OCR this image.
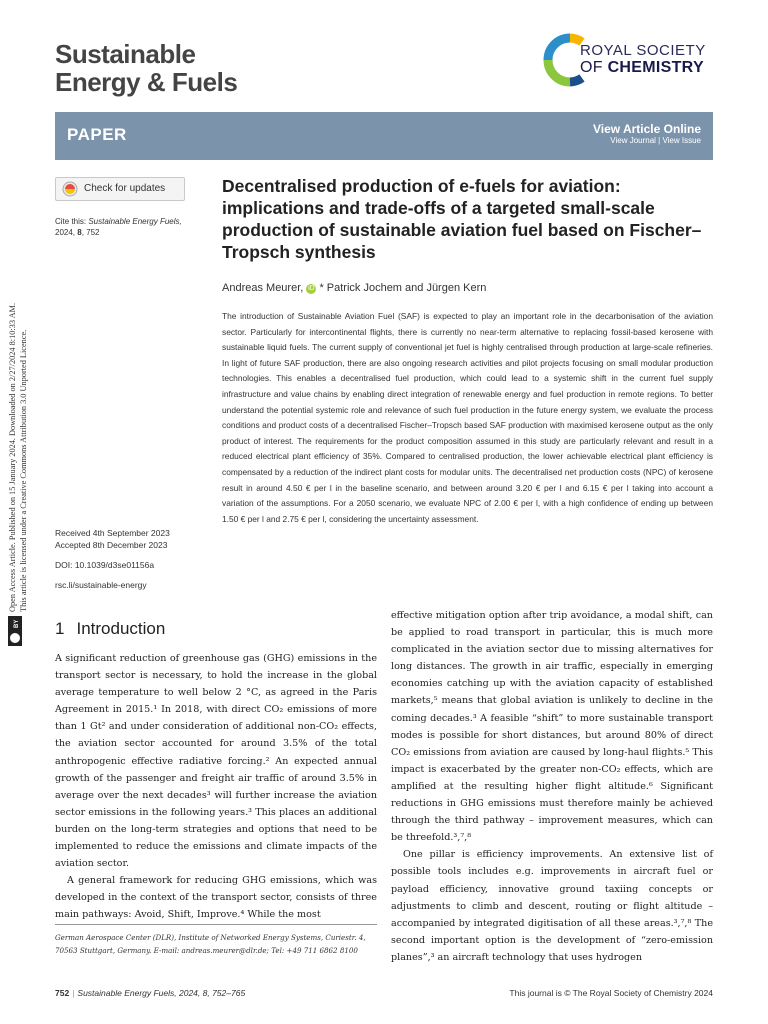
Sustainable
Energy & Fuels
ROYAL SOCIETY
OF CHEMISTRY
PAPER	View Article Online
View Journal | View Issue
Check for updates
Cite this: Sustainable Energy Fuels,
2024, 8, 752
Received 4th September 2023
Accepted 8th December 2023
DOI: 10.1039/d3se01156a
rsc.li/sustainable-energy
Open Access Article. Published on 15 January 2024. Downloaded on 2/27/2024 8:10:33 AM. This article is licensed under a Creative Commons Attribution 3.0 Unported Licence.
BY
Decentralised production of e-fuels for aviation: implications and trade-offs of a targeted small-scale production of sustainable aviation fuel based on Fischer–Tropsch synthesis
Andreas Meurer, iD * Patrick Jochem and Jürgen Kern
The introduction of Sustainable Aviation Fuel (SAF) is expected to play an important role in the decarbonisation of the aviation sector. Particularly for intercontinental flights, there is currently no near-term alternative to replacing fossil-based kerosene with sustainable liquid fuels. The current supply of conventional jet fuel is highly centralised through production at large-scale refineries. In light of future SAF production, there are also ongoing research activities and pilot projects focusing on small modular production technologies. This enables a decentralised fuel production, which could lead to a systemic shift in the current fuel supply infrastructure and value chains by enabling direct integration of renewable energy and fuel production in remote regions. To better understand the potential systemic role and relevance of such fuel production in the future energy system, we evaluate the process conditions and product costs of a decentralised Fischer–Tropsch based SAF production with maximised kerosene output as the only product of interest. The requirements for the product composition assumed in this study are particularly relevant and result in a reduced electrical plant efficiency of 35%. Compared to centralised production, the lower achievable electrical plant efficiency is compensated by a reduction of the indirect plant costs for modular units. The decentralised net production costs (NPC) of kerosene result in around 4.50 € per l in the baseline scenario, and between around 3.20 € per l and 6.15 € per l taking into account a variation of the assumptions. For a 2050 scenario, we evaluate NPC of 2.00 € per l, with a high confidence of ending up between 1.50 € per l and 2.75 € per l, considering the uncertainty assessment.
1 Introduction

A significant reduction of greenhouse gas (GHG) emissions in the transport sector is necessary, to hold the increase in the global average temperature to well below 2 °C, as agreed in the Paris Agreement in 2015.¹ In 2018, with direct CO₂ emissions of more than 1 Gt² and under consideration of additional non-CO₂ effects, the aviation sector accounted for around 3.5% of the total anthropogenic effective radiative forcing.² An expected annual growth of the passenger and freight air traffic of around 3.5% in average over the next decades³ will further increase the aviation sector emissions in the following years.³ This places an additional burden on the long-term strategies and options that need to be implemented to reduce the emissions and climate impacts of the aviation sector.

A general framework for reducing GHG emissions, which was developed in the context of the transport sector, consists of three main pathways: Avoid, Shift, Improve.⁴ While the most

effective mitigation option after trip avoidance, a modal shift, can be applied to road transport in particular, this is much more complicated in the aviation sector due to missing alternatives for long distances. The growth in air traffic, especially in emerging economies catching up with the aviation capacity of established markets,⁵ means that global aviation is unlikely to decline in the coming decades.³ A feasible “shift” to more sustainable transport modes is possible for short distances, but around 80% of direct CO₂ emissions from aviation are caused by long-haul flights.⁵ This impact is exacerbated by the greater non-CO₂ effects, which are amplified at the resulting higher flight altitude.⁶ Significant reductions in GHG emissions must therefore mainly be achieved through the third pathway – improvement measures, which can be threefold.³,⁷,⁸

One pillar is efficiency improvements. An extensive list of possible tools includes e.g. improvements in aircraft fuel or payload efficiency, innovative ground taxiing concepts or adjustments to climb and descent, routing or flight altitude – accompanied by integrated digitisation of all these areas.³,⁷,⁸ The second important option is the development of “zero-emission planes”,³ an aircraft technology that uses hydrogen

German Aerospace Center (DLR), Institute of Networked Energy Systems, Curiestr. 4, 70563 Stuttgart, Germany. E-mail: andreas.meurer@dlr.de; Tel: +49 711 6862 8100
752 | Sustainable Energy Fuels, 2024, 8, 752–765	This journal is © The Royal Society of Chemistry 2024
